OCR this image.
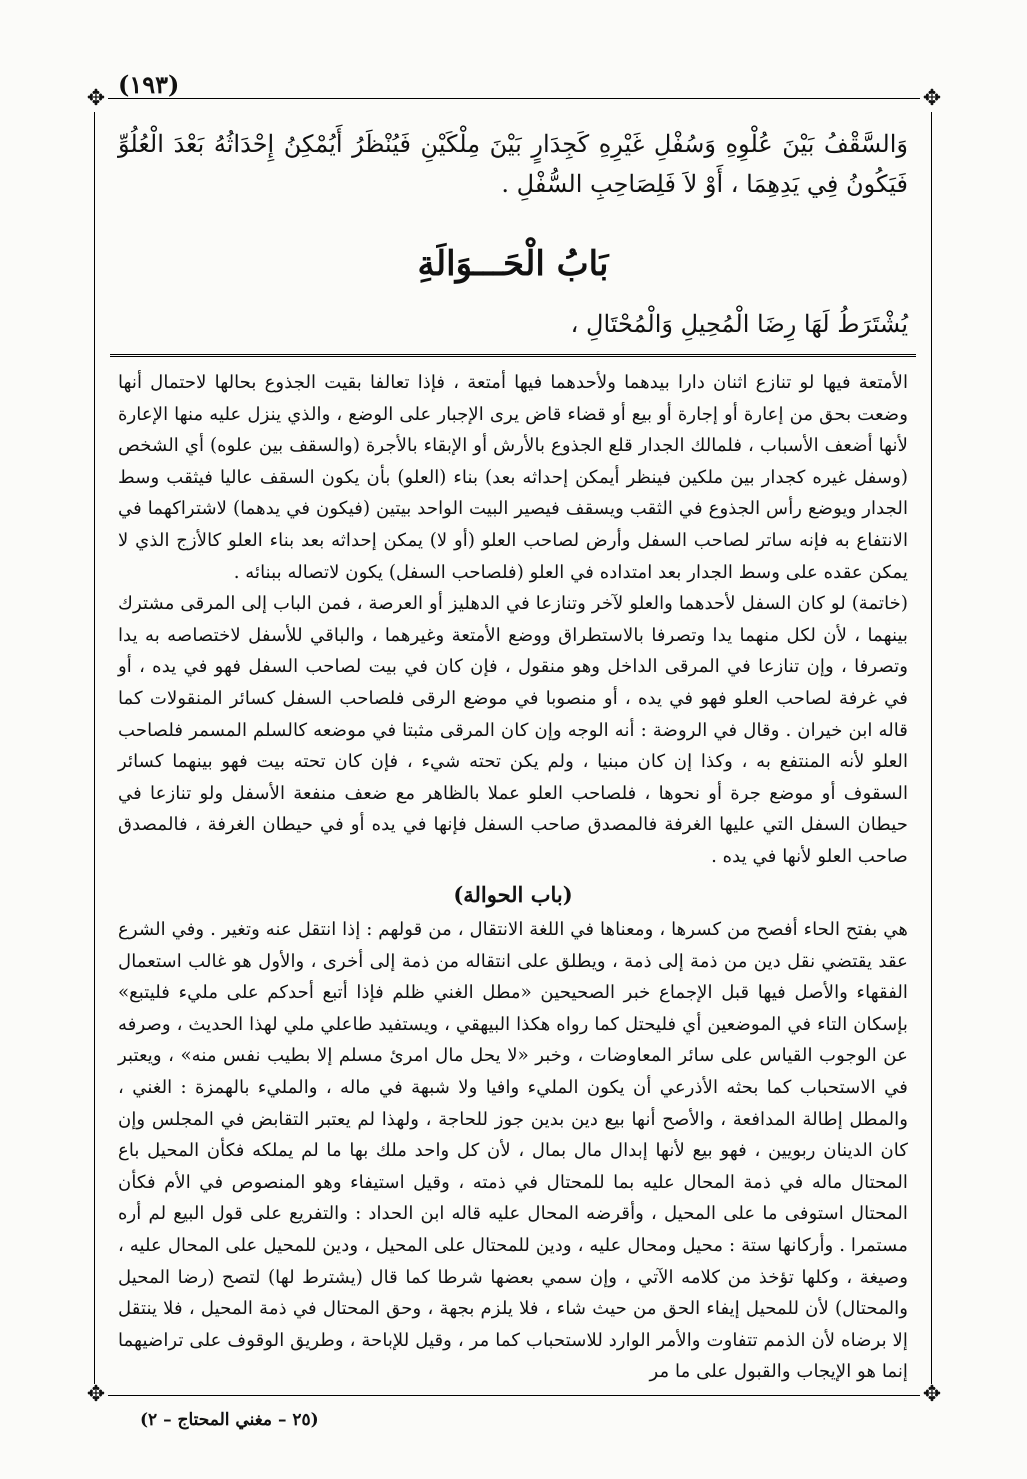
(١٩٣)
✥	✥

وَالسَّقْفُ بَيْنَ عُلْوِهِ وَسُفْلِ غَيْرِهِ كَجِدَارٍ بَيْنَ مِلْكَيْنِ فَيُنْظَرُ أَيُمْكِنُ إِحْدَاثُهُ بَعْدَ الْعُلُوِّ فَيَكُونُ فِي يَدِهِمَا ، أَوْ لاَ فَلِصَاحِبِ السُّفْلِ .

بَابُ الْحَـــوَالَةِ

يُشْتَرَطُ لَهَا رِضَا الْمُحِيلِ وَالْمُحْتَالِ ،

الأمتعة فيها لو تنازع اثنان دارا بيدهما ولأحدهما فيها أمتعة ، فإذا تعالفا بقيت الجذوع بحالها لاحتمال أنها وضعت بحق من إعارة أو إجارة أو بيع أو قضاء قاض يرى الإجبار على الوضع ، والذي ينزل عليه منها الإعارة لأنها أضعف الأسباب ، فلمالك الجدار قلع الجذوع بالأرش أو الإبقاء بالأجرة (والسقف بين علوه) أي الشخص (وسفل غيره كجدار بين ملكين فينظر أيمكن إحداثه بعد) بناء (العلو) بأن يكون السقف عاليا فيثقب وسط الجدار ويوضع رأس الجذوع في الثقب ويسقف فيصير البيت الواحد بيتين (فيكون في يدهما) لاشتراكهما في الانتفاع به فإنه ساتر لصاحب السفل وأرض لصاحب العلو (أو لا) يمكن إحداثه بعد بناء العلو كالأزج الذي لا يمكن عقده على وسط الجدار بعد امتداده في العلو (فلصاحب السفل) يكون لاتصاله ببنائه .

(خاتمة) لو كان السفل لأحدهما والعلو لآخر وتنازعا في الدهليز أو العرصة ، فمن الباب إلى المرقى مشترك بينهما ، لأن لكل منهما يدا وتصرفا بالاستطراق ووضع الأمتعة وغيرهما ، والباقي للأسفل لاختصاصه به يدا وتصرفا ، وإن تنازعا في المرقى الداخل وهو منقول ، فإن كان في بيت لصاحب السفل فهو في يده ، أو في غرفة لصاحب العلو فهو في يده ، أو منصوبا في موضع الرقى فلصاحب السفل كسائر المنقولات كما قاله ابن خيران . وقال في الروضة : أنه الوجه وإن كان المرقى مثبتا في موضعه كالسلم المسمر فلصاحب العلو لأنه المنتفع به ، وكذا إن كان مبنيا ، ولم يكن تحته شيء ، فإن كان تحته بيت فهو بينهما كسائر السقوف أو موضع جرة أو نحوها ، فلصاحب العلو عملا بالظاهر مع ضعف منفعة الأسفل ولو تنازعا في حيطان السفل التي عليها الغرفة فالمصدق صاحب السفل فإنها في يده أو في حيطان الغرفة ، فالمصدق صاحب العلو لأنها في يده .

(باب الحوالة)

هي بفتح الحاء أفصح من كسرها ، ومعناها في اللغة الانتقال ، من قولهم : إذا انتقل عنه وتغير . وفي الشرع عقد يقتضي نقل دين من ذمة إلى ذمة ، ويطلق على انتقاله من ذمة إلى أخرى ، والأول هو غالب استعمال الفقهاء والأصل فيها قبل الإجماع خبر الصحيحين «مطل الغني ظلم فإذا أتبع أحدكم على مليء فليتبع» بإسكان التاء في الموضعين أي فليحتل كما رواه هكذا البيهقي ، ويستفيد طاعلي ملي لهذا الحديث ، وصرفه عن الوجوب القياس على سائر المعاوضات ، وخبر «لا يحل مال امرئ مسلم إلا بطيب نفس منه» ، ويعتبر في الاستحباب كما بحثه الأذرعي أن يكون المليء وافيا ولا شبهة في ماله ، والمليء بالهمزة : الغني ، والمطل إطالة المدافعة ، والأصح أنها بيع دين بدين جوز للحاجة ، ولهذا لم يعتبر التقابض في المجلس وإن كان الدينان ربويين ، فهو بيع لأنها إبدال مال بمال ، لأن كل واحد ملك بها ما لم يملكه فكأن المحيل باع المحتال ماله في ذمة المحال عليه بما للمحتال في ذمته ، وقيل استيفاء وهو المنصوص في الأم فكأن المحتال استوفى ما على المحيل ، وأقرضه المحال عليه قاله ابن الحداد : والتفريع على قول البيع لم أره مستمرا . وأركانها ستة : محيل ومحال عليه ، ودين للمحتال على المحيل ، ودين للمحيل على المحال عليه ، وصيغة ، وكلها تؤخذ من كلامه الآتي ، وإن سمي بعضها شرطا كما قال (يشترط لها) لتصح (رضا المحيل والمحتال) لأن للمحيل إيفاء الحق من حيث شاء ، فلا يلزم بجهة ، وحق المحتال في ذمة المحيل ، فلا ينتقل إلا برضاه لأن الذمم تتفاوت والأمر الوارد للاستحباب كما مر ، وقيل للإباحة ، وطريق الوقوف على تراضيهما إنما هو الإيجاب والقبول على ما مر

(٢٥ – مغني المحتاج – ٢)
✥	✥
